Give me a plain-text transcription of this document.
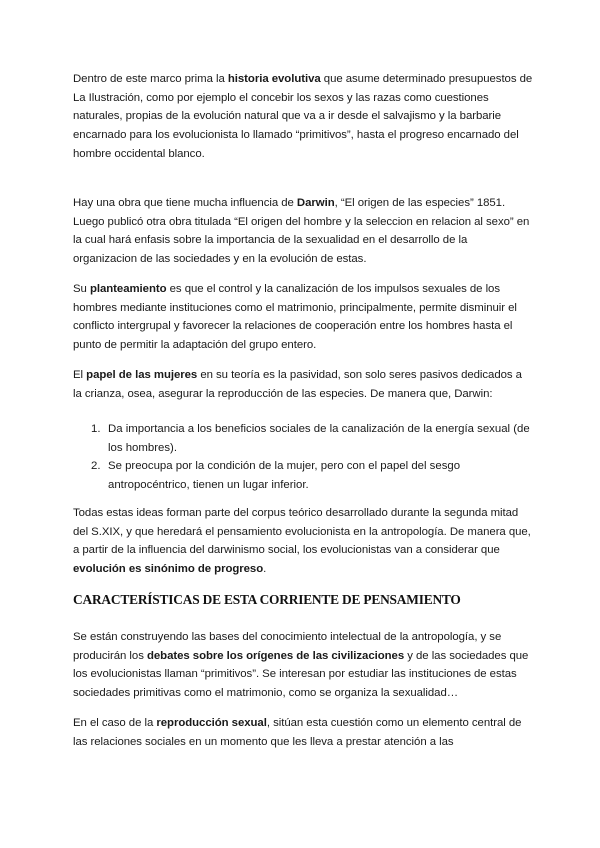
Dentro de este marco prima la historia evolutiva que asume determinado presupuestos de La Ilustración, como por ejemplo el concebir los sexos y las razas como cuestiones naturales, propias de la evolución natural que va a ir desde el salvajismo y la barbarie encarnado para los evolucionista lo llamado “primitivos”, hasta el progreso encarnado del hombre occidental blanco.

Hay una obra que tiene mucha influencia de Darwin, “El origen de las especies” 1851. Luego publicó otra obra titulada “El origen del hombre y la seleccion en relacion al sexo” en la cual hará enfasis sobre la importancia de la sexualidad en el desarrollo de la organizacion de las sociedades y en la evolución de estas.

Su planteamiento es que el control y la canalización de los impulsos sexuales de los hombres mediante instituciones como el matrimonio, principalmente, permite disminuir el conflicto intergrupal y favorecer la relaciones de cooperación entre los hombres hasta el punto de permitir la adaptación del grupo entero.

El papel de las mujeres en su teoría es la pasividad, son solo seres pasivos dedicados a la crianza, osea, asegurar la reproducción de las especies. De manera que, Darwin:

1. Da importancia a los beneficios sociales de la canalización de la energía sexual (de los hombres).
2. Se preocupa por la condición de la mujer, pero con el papel del sesgo antropocéntrico, tienen un lugar inferior.

Todas estas ideas forman parte del corpus teórico desarrollado durante la segunda mitad del S.XIX, y que heredará el pensamiento evolucionista en la antropología. De manera que, a partir de la influencia del darwinismo social, los evolucionistas van a considerar que evolución es sinónimo de progreso.

CARACTERÍSTICAS DE ESTA CORRIENTE DE PENSAMIENTO

Se están construyendo las bases del conocimiento intelectual de la antropología, y se producirán los debates sobre los orígenes de las civilizaciones y de las sociedades que los evolucionistas llaman “primitivos”. Se interesan por estudiar las instituciones de estas sociedades primitivas como el matrimonio, como se organiza la sexualidad…

En el caso de la reproducción sexual, sitúan esta cuestión como un elemento central de las relaciones sociales en un momento que les lleva a prestar atención a las
